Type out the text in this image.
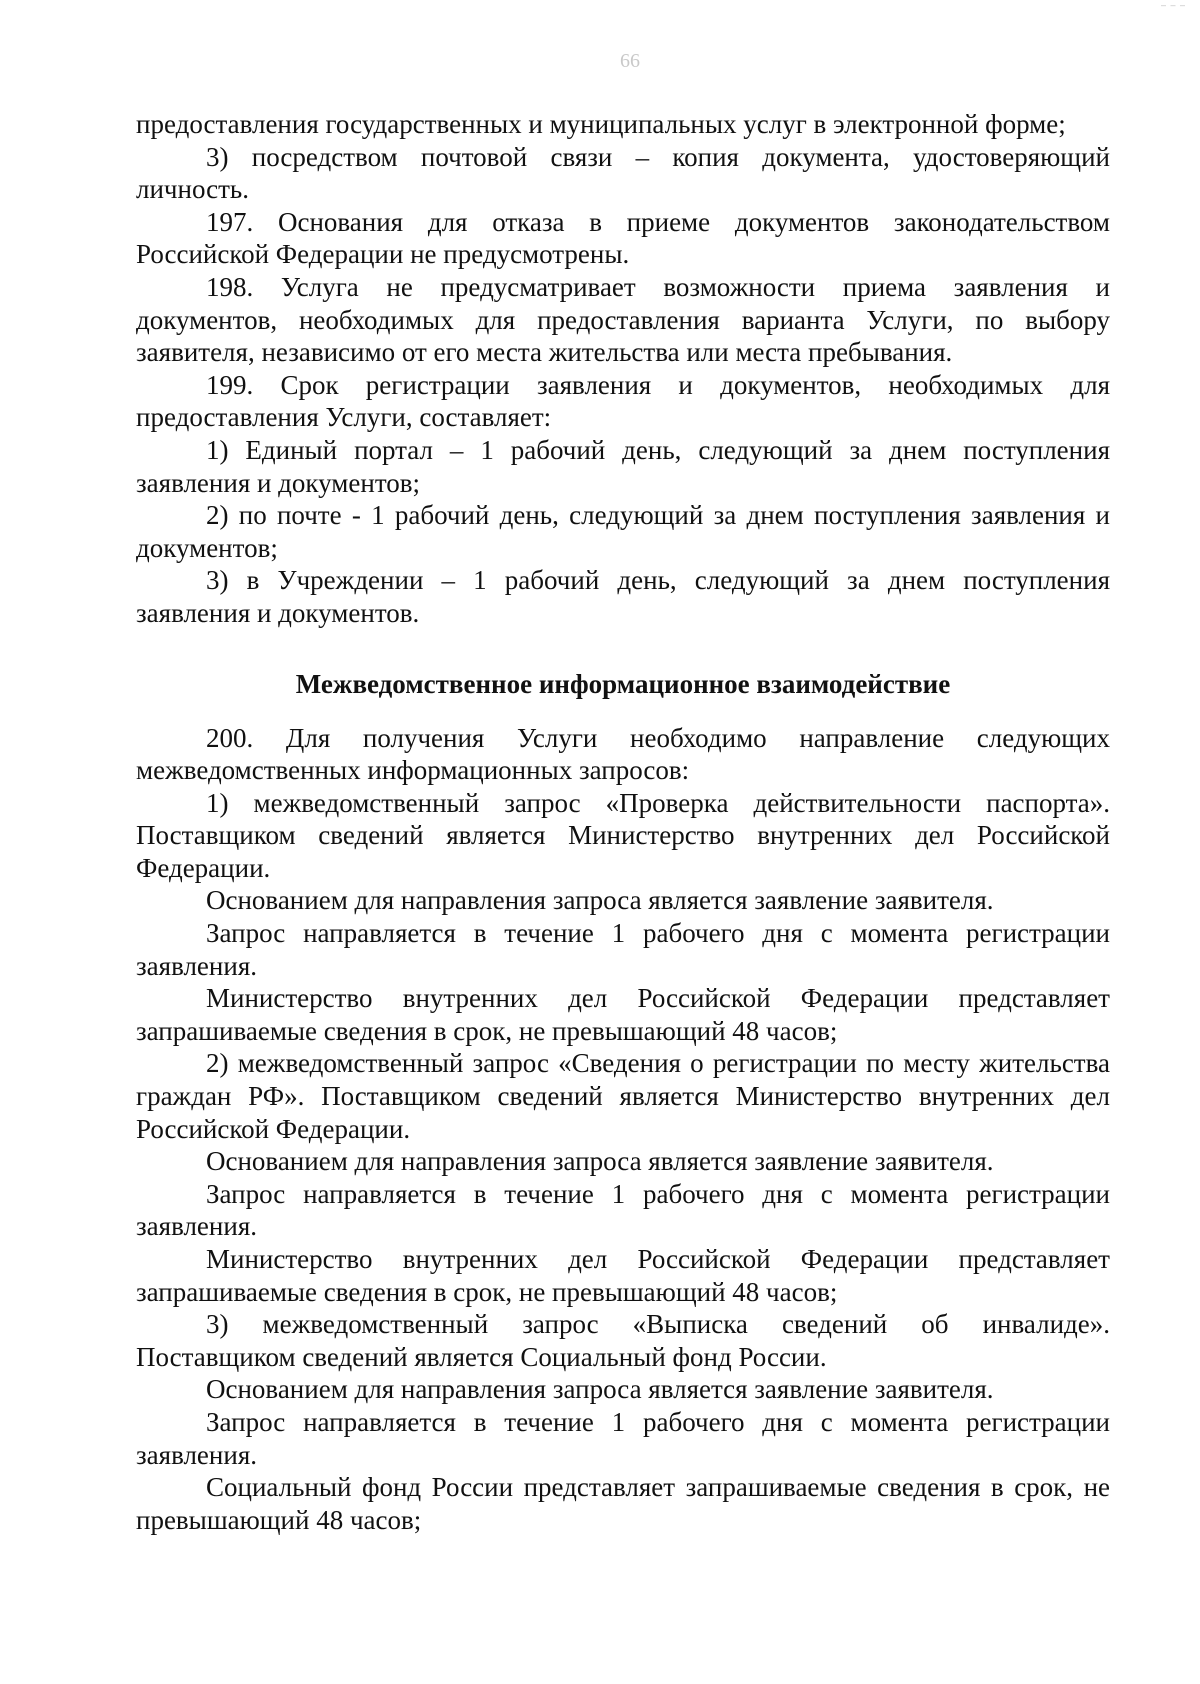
– – –
66

предоставления государственных и муниципальных услуг в электронной форме;

3) посредством почтовой связи – копия документа, удостоверяющий личность.

197. Основания для отказа в приеме документов законодательством Российской Федерации не предусмотрены.

198. Услуга не предусматривает возможности приема заявления и документов, необходимых для предоставления варианта Услуги, по выбору заявителя, независимо от его места жительства или места пребывания.

199. Срок регистрации заявления и документов, необходимых для предоставления Услуги, составляет:

1) Единый портал – 1 рабочий день, следующий за днем поступления заявления и документов;

2) по почте - 1 рабочий день, следующий за днем поступления заявления и документов;

3) в Учреждении – 1 рабочий день, следующий за днем поступления заявления и документов.

Межведомственное информационное взаимодействие

200. Для получения Услуги необходимо направление следующих межведомственных информационных запросов:

1) межведомственный запрос «Проверка действительности паспорта». Поставщиком сведений является Министерство внутренних дел Российской Федерации.

Основанием для направления запроса является заявление заявителя.

Запрос направляется в течение 1 рабочего дня с момента регистрации заявления.

Министерство внутренних дел Российской Федерации представляет запрашиваемые сведения в срок, не превышающий 48 часов;

2) межведомственный запрос «Сведения о регистрации по месту жительства граждан РФ». Поставщиком сведений является Министерство внутренних дел Российской Федерации.

Основанием для направления запроса является заявление заявителя.

Запрос направляется в течение 1 рабочего дня с момента регистрации заявления.

Министерство внутренних дел Российской Федерации представляет запрашиваемые сведения в срок, не превышающий 48 часов;

3) межведомственный запрос «Выписка сведений об инвалиде». Поставщиком сведений является Социальный фонд России.

Основанием для направления запроса является заявление заявителя.

Запрос направляется в течение 1 рабочего дня с момента регистрации заявления.

Социальный фонд России представляет запрашиваемые сведения в срок, не превышающий 48 часов;
